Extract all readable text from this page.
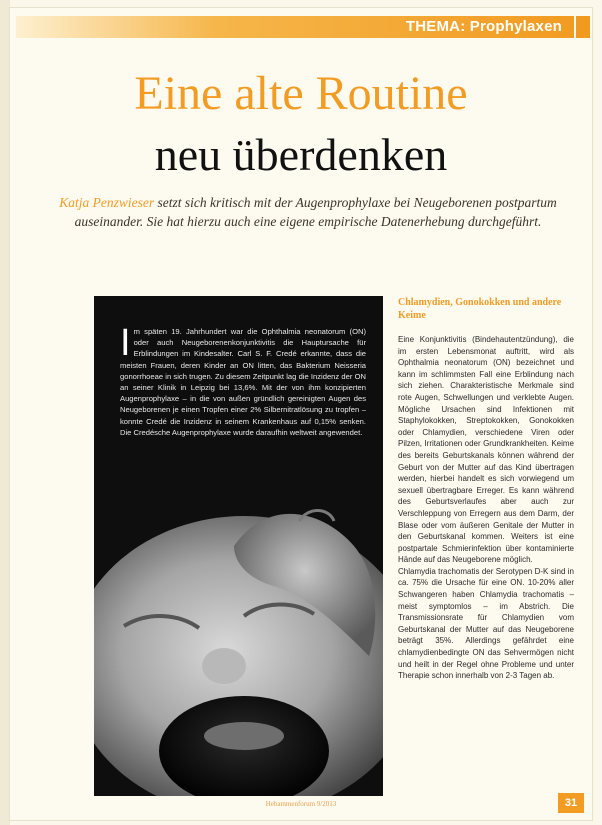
THEMA: Prophylaxen
Eine alte Routine
neu überdenken
Katja Penzwieser setzt sich kritisch mit der Augenprophylaxe bei Neugeborenen postpartum auseinander. Sie hat hierzu auch eine eigene empirische Datenerhebung durchgeführt.
Im späten 19. Jahrhundert war die Ophthalmia neonatorum (ON) oder auch Neugeborenenkonjunktivitis die Hauptursache für Erblindungen im Kindesalter. Carl S. F. Credé erkannte, dass die meisten Frauen, deren Kinder an ON litten, das Bakterium Neisseria gonorrhoeae in sich trugen. Zu diesem Zeitpunkt lag die Inzidenz der ON an seiner Klinik in Leipzig bei 13,6%. Mit der von ihm konzipierten Augenprophylaxe – in die von außen gründlich gereinigten Augen des Neugeborenen je einen Tropfen einer 2% Silbernitratlösung zu tropfen – konnte Credé die Inzidenz in seinem Krankenhaus auf 0,15% senken. Die Credésche Augenprophylaxe wurde daraufhin weltweit angewendet.
Chlamydien, Gonokokken und andere Keime

Eine Konjunktivitis (Bindehautentzündung), die im ersten Lebensmonat auftritt, wird als Ophthalmia neonatorum (ON) bezeichnet und kann im schlimmsten Fall eine Erblindung nach sich ziehen. Charakteristische Merkmale sind rote Augen, Schwellungen und verklebte Augen. Mögliche Ursachen sind Infektionen mit Staphylokokken, Streptokokken, Gonokokken oder Chlamydien, verschiedene Viren oder Pilzen, Irritationen oder Grundkrankheiten. Keime des bereits Geburtskanals können während der Geburt von der Mutter auf das Kind übertragen werden, hierbei handelt es sich vorwiegend um sexuell übertragbare Erreger. Es kann während des Geburtsverlaufes aber auch zur Verschleppung von Erregern aus dem Darm, der Blase oder vom äußeren Genitale der Mutter in den Geburtskanal kommen. Weiters ist eine postpartale Schmierinfektion über kontaminierte Hände auf das Neugeborene möglich.

Chlamydia trachomatis der Serotypen D-K sind in ca. 75% die Ursache für eine ON. 10-20% aller Schwangeren haben Chlamydia trachomatis – meist symptomlos – im Abstrich. Die Transmissionsrate für Chlamydien vom Geburtskanal der Mutter auf das Neugeborene beträgt 35%. Allerdings gefährdet eine chlamydienbedingte ON das Sehvermögen nicht und heilt in der Regel ohne Probleme und unter Therapie schon innerhalb von 2-3 Tagen ab.

Hebammenforum 9/2013	31
